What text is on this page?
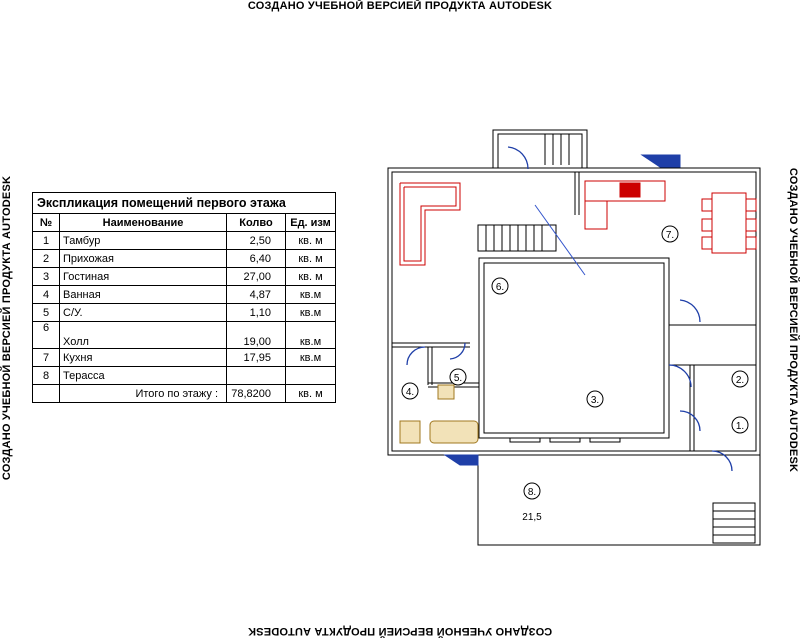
СОЗДАНО УЧЕБНОЙ ВЕРСИЕЙ ПРОДУКТА AUTODESK
СОЗДАНО УЧЕБНОЙ ВЕРСИЕЙ ПРОДУКТА AUTODESK
СОЗДАНО УЧЕБНОЙ ВЕРСИЕЙ ПРОДУКТА AUTODESK	СОЗДАНО УЧЕБНОЙ ВЕРСИЕЙ ПРОДУКТА AUTODESK
Экспликация помещений первого этажа			
№	Наименование	Колво	Ед. изм
1	Тамбур	2,50	кв. м
2	Прихожая	6,40	кв. м
3	Гостиная	27,00	кв. м
4	Ванная	4,87	кв.м
5	С/У.	1,10	кв.м
6	Холл	19,00	кв.м
7	Кухня	17,95	кв.м
8	Терасса		
	Итого по этажу :	78,8200	кв. м
1.
2.
3.
4.
5.
6.
7.
8.
21,5
